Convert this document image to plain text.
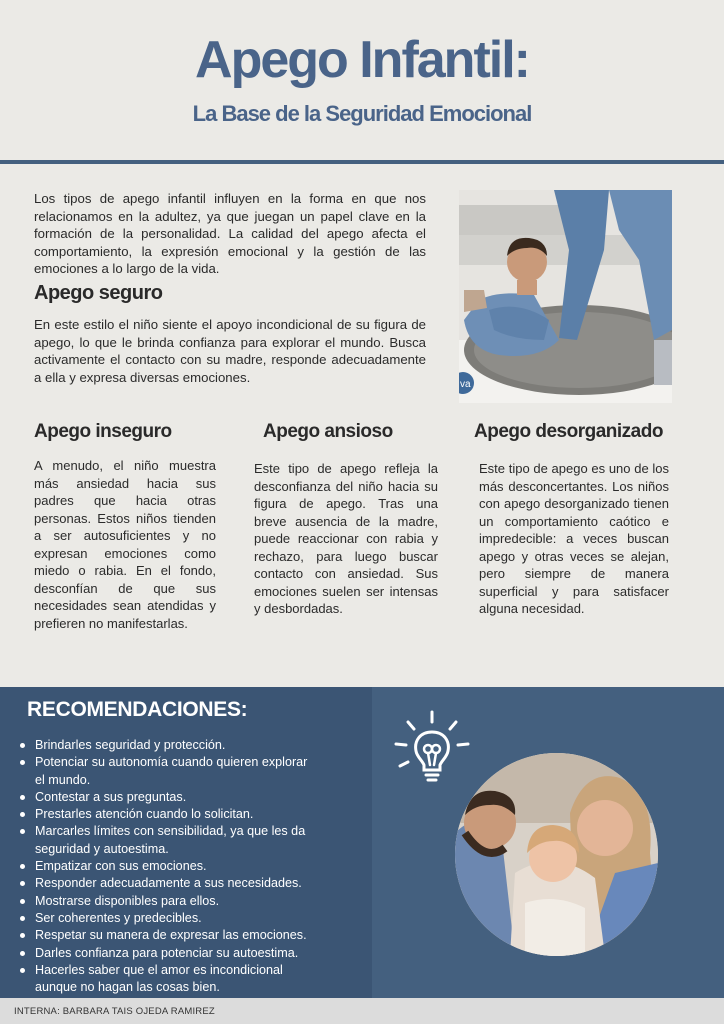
Apego Infantil:
La Base de la Seguridad Emocional

Los tipos de apego infantil influyen en la forma en que nos relacionamos en la adultez, ya que juegan un papel clave en la formación de la personalidad. La calidad del apego afecta el comportamiento, la expresión emocional y la gestión de las emociones a lo largo de la vida.

Apego seguro

En este estilo el niño siente el apoyo incondicional de su figura de apego, lo que le brinda confianza para explorar el mundo. Busca activamente el contacto con su madre, responde adecuadamente a ella y expresa diversas emociones.	va
Apego inseguro

A menudo, el niño muestra más ansiedad hacia sus padres que hacia otras personas. Estos niños tienden a ser autosuficientes y no expresan emociones como miedo o rabia. En el fondo, desconfían de que sus necesidades sean atendidas y prefieren no manifestarlas.

Apego ansioso

Este tipo de apego refleja la desconfianza del niño hacia su figura de apego. Tras una breve ausencia de la madre, puede reaccionar con rabia y rechazo, para luego buscar contacto con ansiedad. Sus emociones suelen ser intensas y desbordadas.

Apego desorganizado

Este tipo de apego es uno de los más desconcertantes. Los niños con apego desorganizado tienen un comportamiento caótico e impredecible: a veces buscan apego y otras veces se alejan, pero siempre de manera superficial y para satisfacer alguna necesidad.

RECOMENDACIONES:
Brindarles seguridad y protección.
Potenciar su autonomía cuando quieren explorar el mundo.
Contestar a sus preguntas.
Prestarles atención cuando lo solicitan.
Marcarles límites con sensibilidad, ya que les da seguridad y autoestima.
Empatizar con sus emociones.
Responder adecuadamente a sus necesidades.
Mostrarse disponibles para ellos.
Ser coherentes y predecibles.
Respetar su manera de expresar las emociones.
Darles confianza para potenciar su autoestima.
Hacerles saber que el amor es incondicional aunque no hagan las cosas bien.
INTERNA: BARBARA TAIS OJEDA RAMIREZ
